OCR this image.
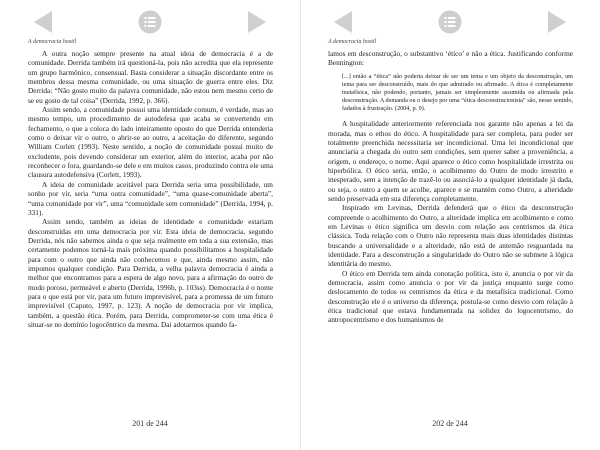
A democracia hostil

A outra noção sempre presente na atual ideia de democracia é a de comunidade. Derrida também irá questioná-la, pois não acredita que ela represente um grupo harmônico, consensual. Basta considerar a situação discordante entre os membros dessa mesma comunidade, ou uma situação de guerra entre eles. Diz Derrida: “Não gosto muito da palavra comunidade, não estou nem mesmo certo de se eu gosto de tal coisa” (Derrida, 1992, p. 366).

Assim sendo, a comunidade possui uma identidade comum, é verdade, mas ao mesmo tempo, um procedimento de autodefesa que acaba se convertendo em fechamento, o que a coloca do lado inteiramente oposto do que Derrida entenderia como o deixar vir o outro, o abrir-se ao outro, a aceitação do diferente, segundo William Corlett (1993). Neste sentido, a noção de comunidade possui muito de excludente, pois devendo considerar um exterior, além do interior, acaba por não reconhecer o fora, guardando-se dele e em muitos casos, produzindo contra ele uma clausura autodefensiva (Corlett, 1993).

A ideia de comunidade aceitável para Derrida seria uma possibilidade, um sonho por vir, seria “uma outra comunidade”, “uma quase-comunidade aberta”, “uma comunidade por vir”, uma “comunidade sem comunidade” (Derrida, 1994, p. 331).

Assim sendo, também as ideias de identidade e comunidade estariam desconstruídas em uma democracia por vir. Esta ideia de democracia, segundo Derrida, nós não sabemos ainda o que seja realmente em toda a sua extensão, mas certamente podemos torná-la mais próxima quando possibilitamos a hospitalidade para com o outro que ainda não conhecemos e que, ainda mesmo assim, não impomos qualquer condição. Para Derrida, a velha palavra democracia é ainda a melhor que encontramos para a espera de algo novo, para a afirmação do outro de modo poroso, permeável e aberto (Derrida, 1996b, p. 103ss). Democracia é o nome para o que está por vir, para um futuro imprevisível, para a promessa de um futuro imprevisível (Caputo, 1997, p. 123). A noção de democracia por vir implica, também, a questão ética. Porém, para Derrida, comprometer-se com uma ética é situar-se no domínio logocêntrico da mesma. Daí adotarmos quando fa-

201 de 244
A democracia hostil

lamos em desconstrução, o substantivo ‘ético’ e não a ética. Justificando conforme Bennington:

[...] então a “ética” não poderia deixar de ser um tema e um objeto da desconstrução, um tema para ser desconstruído, mais do que admirado ou afirmado. A ética é completamente metafísica, não podendo, portanto, jamais ser simplesmente assumida ou afirmada pela desconstrução. A demanda ou o desejo por uma “ética desconstrucionista” são, nesse sentido, fadados à frustração. (2004, p. 9).

A hospitalidade anteriormente referenciada nos garante não apenas a lei da morada, mas o ethos do ético. A hospitalidade para ser completa, para poder ser totalmente preenchida necessitaria ser incondicional. Uma lei incondicional que anunciaria a chegada do outro sem condições, sem querer saber a proveniência, a origem, o endereço, o nome. Aqui aparece o ético como hospitalidade irrestrita ou hiperbólica. O ético seria, então, o acolhimento do Outro de modo irrestrito e inesperado, sem a intenção de trazê-lo ou associá-lo a qualquer identidade já dada, ou seja, o outro a quem se acolhe, aparece e se mantém como Outro, a alteridade sendo preservada em sua diferença completamente.

Inspirado em Levinas, Derrida defenderá que o ético da desconstrução compreende o acolhimento do Outro, a alteridade implica em acolhimento e como em Levinas o ético significa um desvio com relação aos centrismos da ética clássica. Toda relação com o Outro não representa mais duas identidades distintas buscando a universalidade e a alteridade, não está de antemão resguardada na identidade. Para a desconstrução a singularidade do Outro não se submete à lógica identitária do mesmo.

O ético em Derrida tem ainda conotação política, isto é, anuncia o por vir da democracia, assim como anuncia o por vir da justiça enquanto surge como deslocamento de todos os centrismos da ética e da metafísica tradicional. Como desconstrução ele é o universo da diferença, postula-se como desvio com relação à ética tradicional que estava fundamentada na solidez do logocentrismo, do antropocentrismo e dos humanismos de

202 de 244
